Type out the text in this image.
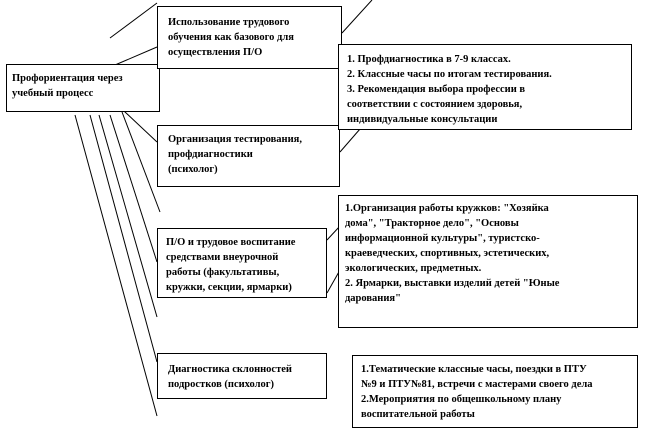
Профориентация через
учебный процесс
Использование трудового
обучения как базового для
осуществления П/О
Организация тестирования,
профдиагностики
(психолог)
П/О и трудовое воспитание
средствами внеурочной
работы (факультативы,
кружки, секции, ярмарки)
Диагностика склонностей
подростков (психолог)
1. Профдиагностика в 7-9 классах.
2. Классные часы по итогам тестирования.
3. Рекомендация выбора профессии в
соответствии с состоянием здоровья,
индивидуальные консультации
1.Организация работы кружков: "Хозяйка
дома", "Тракторное дело", "Основы
информационной культуры", туристско-
краеведческих, спортивных, эстетических,
экологических, предметных.
2. Ярмарки, выставки изделий детей "Юные
дарования"
1.Тематические классные часы, поездки в ПТУ
№9 и ПТУ№81, встречи с мастерами своего дела
2.Мероприятия по общешкольному плану
воспитательной работы
